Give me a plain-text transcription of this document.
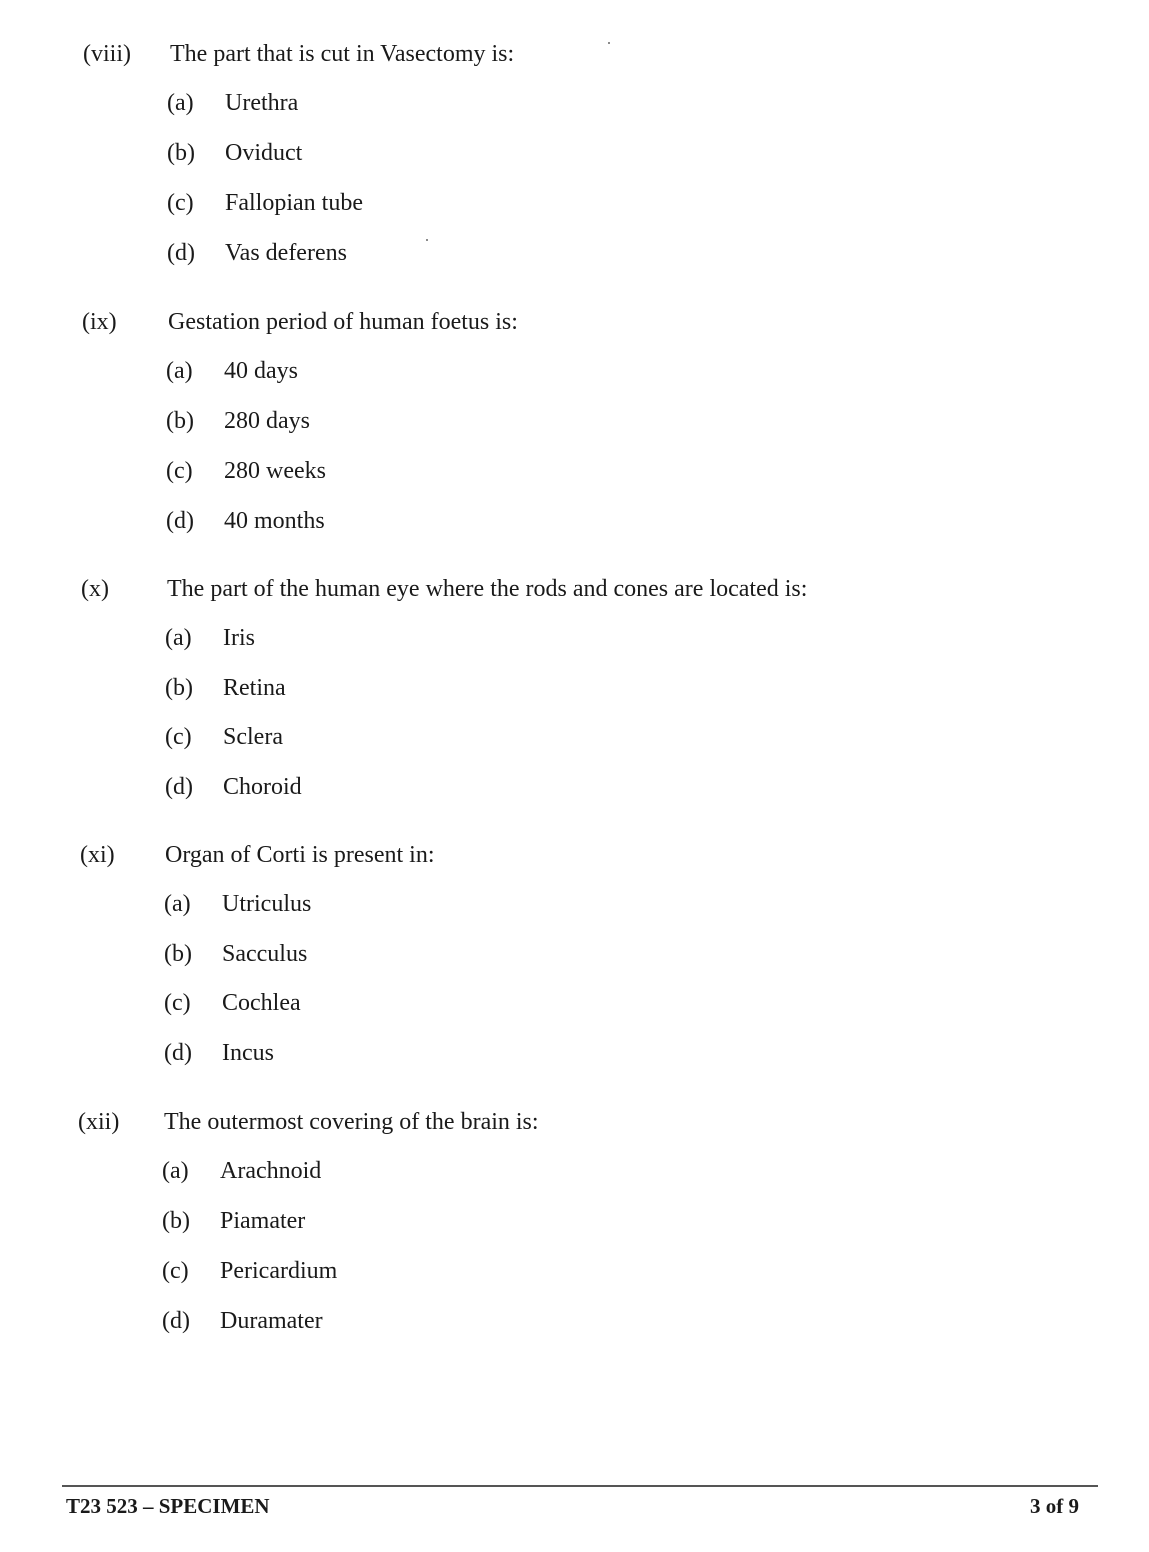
(viii) The part that is cut in Vasectomy is:
(a) Urethra
(b) Oviduct
(c) Fallopian tube
(d) Vas deferens
(ix) Gestation period of human foetus is:
(a) 40 days
(b) 280 days
(c) 280 weeks
(d) 40 months
(x) The part of the human eye where the rods and cones are located is:
(a) Iris
(b) Retina
(c) Sclera
(d) Choroid
(xi) Organ of Corti is present in:
(a) Utriculus
(b) Sacculus
(c) Cochlea
(d) Incus
(xii) The outermost covering of the brain is:
(a) Arachnoid
(b) Piamater
(c) Pericardium
(d) Duramater
T23 523 – SPECIMEN	3 of 9
